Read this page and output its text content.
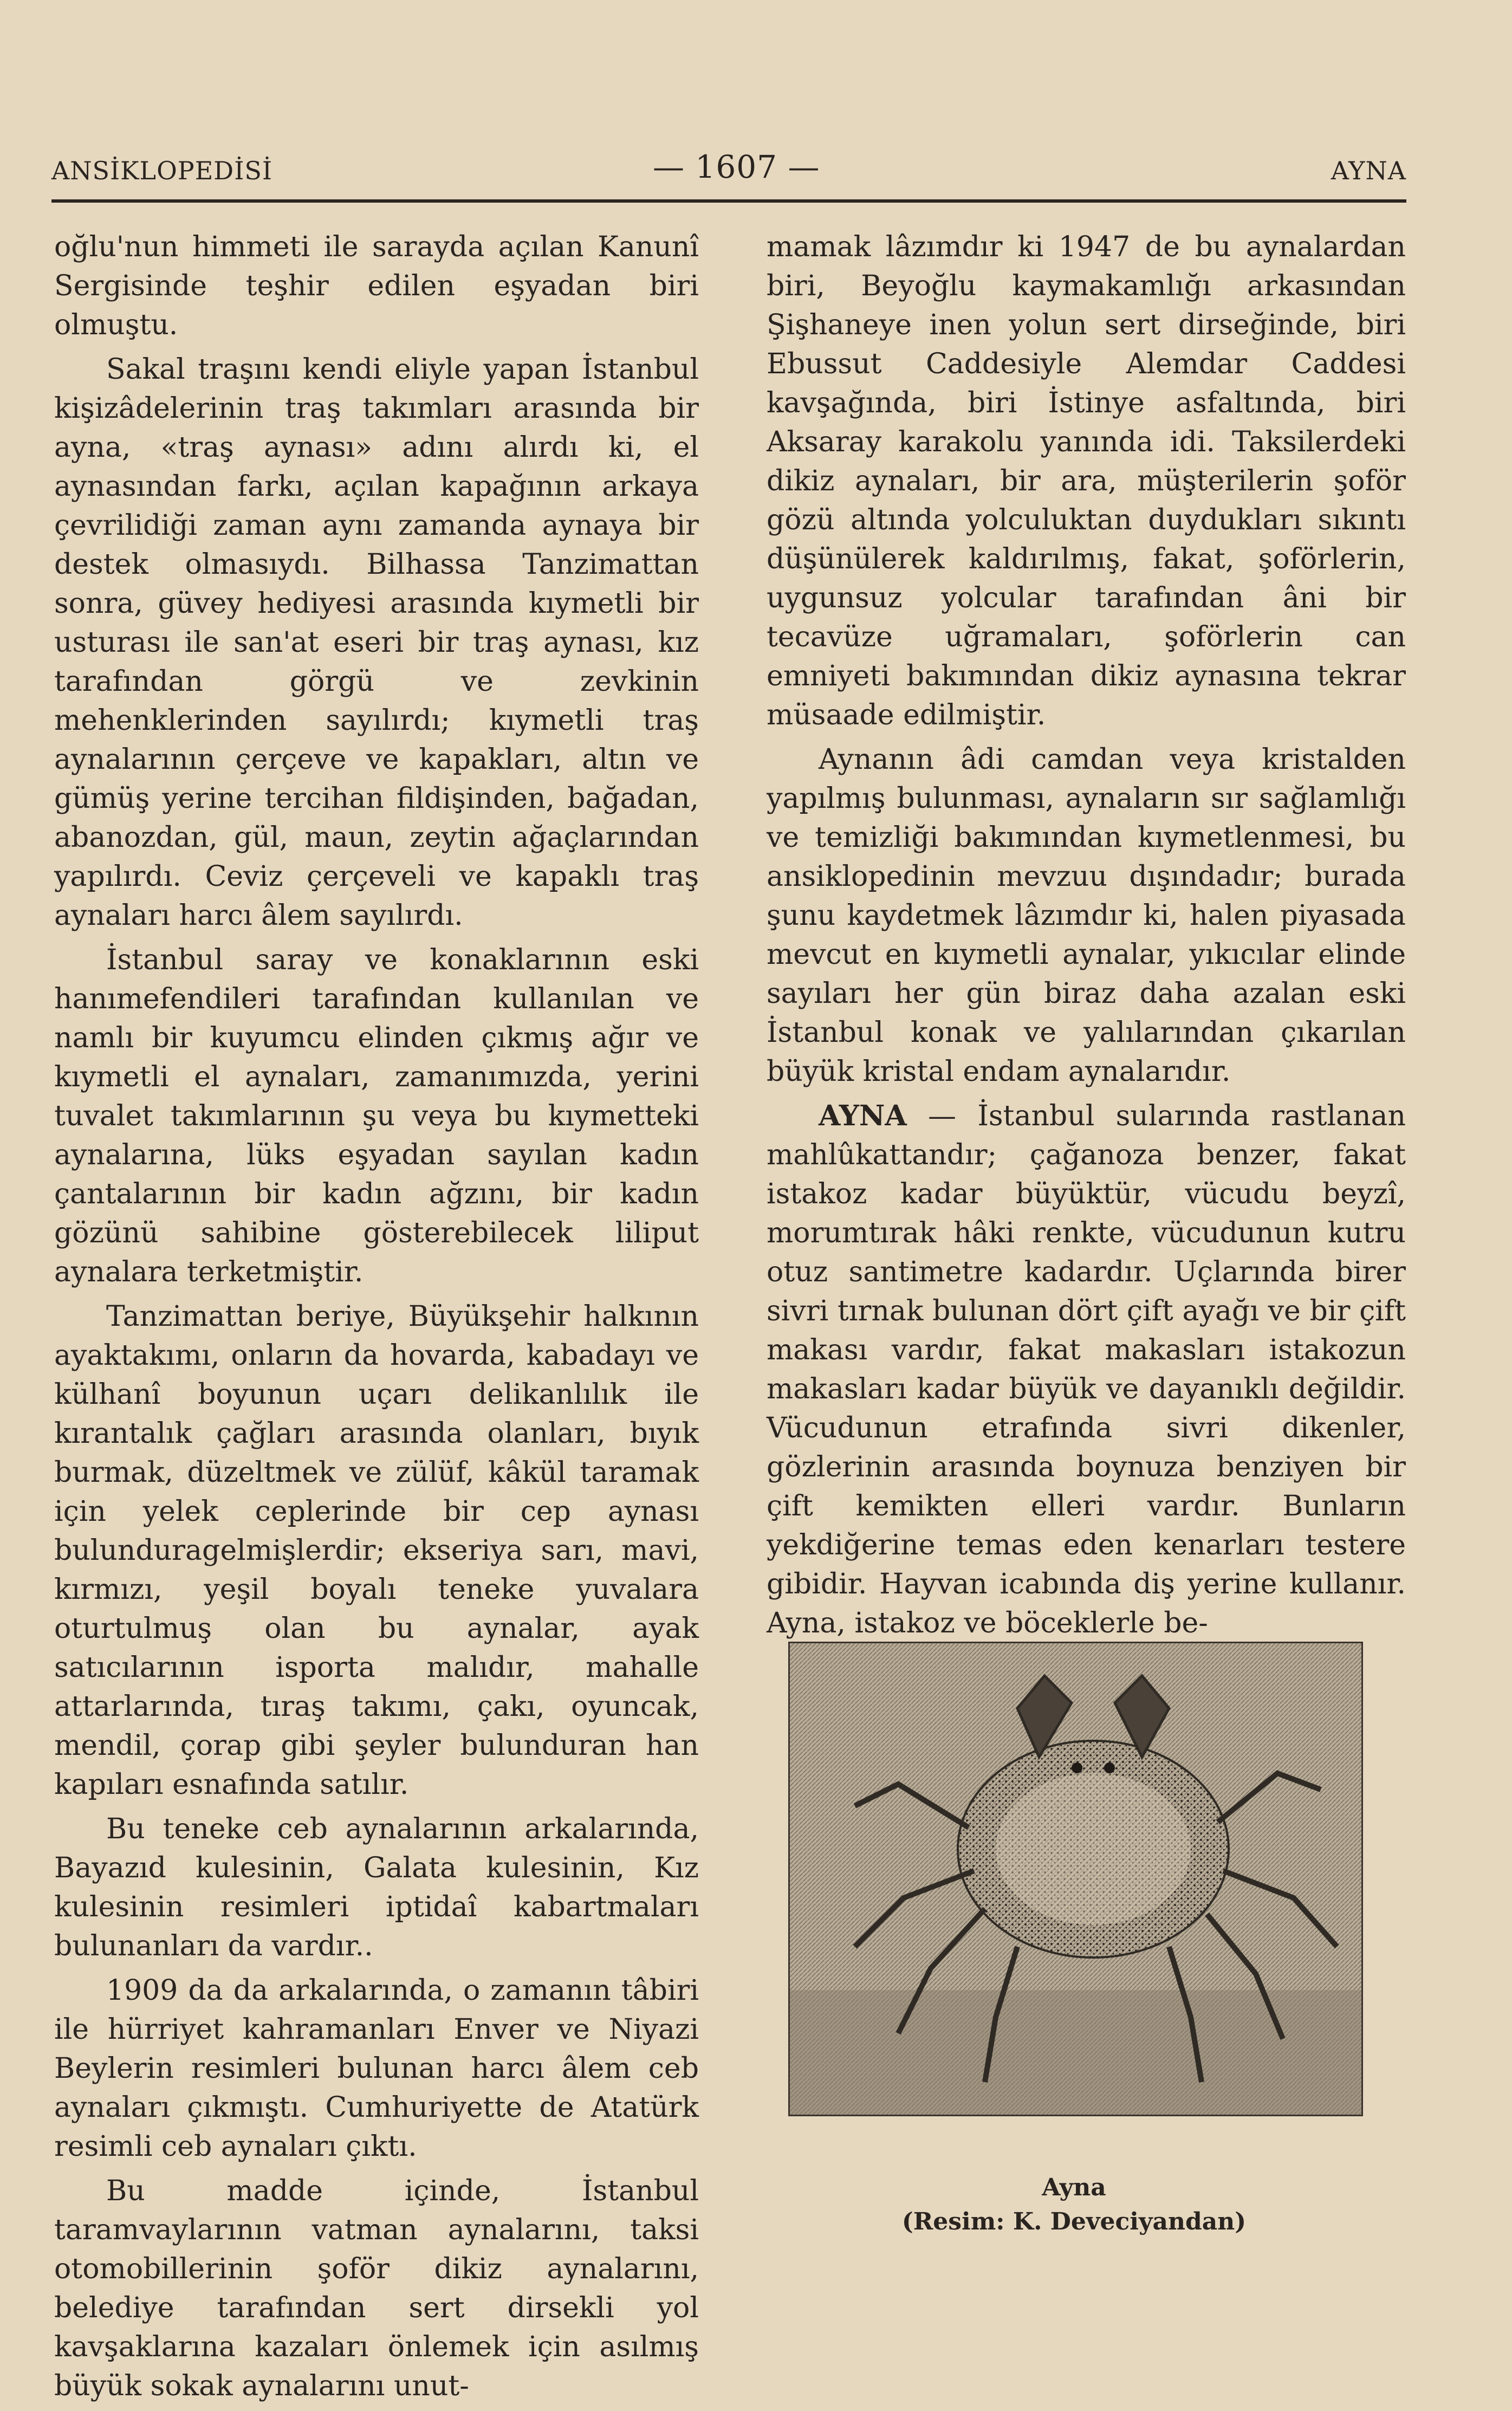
ANSİKLOPEDİSİ	— 1607 —	AYNA

oğlu'nun himmeti ile sarayda açılan Kanunî Sergisinde teşhir edilen eşyadan biri olmuştu.

Sakal traşını kendi eliyle yapan İstanbul kişizâdelerinin traş takımları arasında bir ayna, «traş aynası» adını alırdı ki, el aynasından farkı, açılan kapağının arkaya çevrilidiği zaman aynı zamanda aynaya bir destek olmasıydı. Bilhassa Tanzimattan sonra, güvey hediyesi arasında kıymetli bir usturası ile san'at eseri bir traş aynası, kız tarafından görgü ve zevkinin mehenklerinden sayılırdı; kıymetli traş aynalarının çerçeve ve kapakları, altın ve gümüş yerine tercihan fildişinden, bağadan, abanozdan, gül, maun, zeytin ağaçlarından yapılırdı. Ceviz çerçeveli ve kapaklı traş aynaları harcı âlem sayılırdı.

İstanbul saray ve konaklarının eski hanımefendileri tarafından kullanılan ve namlı bir kuyumcu elinden çıkmış ağır ve kıymetli el aynaları, zamanımızda, yerini tuvalet takımlarının şu veya bu kıymetteki aynalarına, lüks eşyadan sayılan kadın çantalarının bir kadın ağzını, bir kadın gözünü sahibine gösterebilecek liliput aynalara terketmiştir.

Tanzimattan beriye, Büyükşehir halkının ayaktakımı, onların da hovarda, kabadayı ve külhanî boyunun uçarı delikanlılık ile kırantalık çağları arasında olanları, bıyık burmak, düzeltmek ve zülüf, kâkül taramak için yelek ceplerinde bir cep aynası bulunduragelmişlerdir; ekseriya sarı, mavi, kırmızı, yeşil boyalı teneke yuvalara oturtulmuş olan bu aynalar, ayak satıcılarının isporta malıdır, mahalle attarlarında, tıraş takımı, çakı, oyuncak, mendil, çorap gibi şeyler bulunduran han kapıları esnafında satılır.

Bu teneke ceb aynalarının arkalarında, Bayazıd kulesinin, Galata kulesinin, Kız kulesinin resimleri iptidaî kabartmaları bulunanları da vardır..

1909 da da arkalarında, o zamanın tâbiri ile hürriyet kahramanları Enver ve Niyazi Beylerin resimleri bulunan harcı âlem ceb aynaları çıkmıştı. Cumhuriyette de Atatürk resimli ceb aynaları çıktı.

Bu madde içinde, İstanbul taramvaylarının vatman aynalarını, taksi otomobillerinin şoför dikiz aynalarını, belediye tarafından sert dirsekli yol kavşaklarına kazaları önlemek için asılmış büyük sokak aynalarını unut-

mamak lâzımdır ki 1947 de bu aynalardan biri, Beyoğlu kaymakamlığı arkasından Şişhaneye inen yolun sert dirseğinde, biri Ebussut Caddesiyle Alemdar Caddesi kavşağında, biri İstinye asfaltında, biri Aksaray karakolu yanında idi. Taksilerdeki dikiz aynaları, bir ara, müşterilerin şoför gözü altında yolculuktan duydukları sıkıntı düşünülerek kaldırılmış, fakat, şoförlerin, uygunsuz yolcular tarafından âni bir tecavüze uğramaları, şoförlerin can emniyeti bakımından dikiz aynasına tekrar müsaade edilmiştir.

Aynanın âdi camdan veya kristalden yapılmış bulunması, aynaların sır sağlamlığı ve temizliği bakımından kıymetlenmesi, bu ansiklopedinin mevzuu dışındadır; burada şunu kaydetmek lâzımdır ki, halen piyasada mevcut en kıymetli aynalar, yıkıcılar elinde sayıları her gün biraz daha azalan eski İstanbul konak ve yalılarından çıkarılan büyük kristal endam aynalarıdır.

AYNA — İstanbul sularında rastlanan mahlûkattandır; çağanoza benzer, fakat istakoz kadar büyüktür, vücudu beyzî, morumtırak hâki renkte, vücudunun kutru otuz santimetre kadardır. Uçlarında birer sivri tırnak bulunan dört çift ayağı ve bir çift makası vardır, fakat makasları istakozun makasları kadar büyük ve dayanıklı değildir. Vücudunun etrafında sivri dikenler, gözlerinin arasında boynuza benziyen bir çift kemikten elleri vardır. Bunların yekdiğerine temas eden kenarları testere gibidir. Hayvan icabında diş yerine kullanır. Ayna, istakoz ve böceklerle be-

Ayna
(Resim: K. Deveciyandan)
